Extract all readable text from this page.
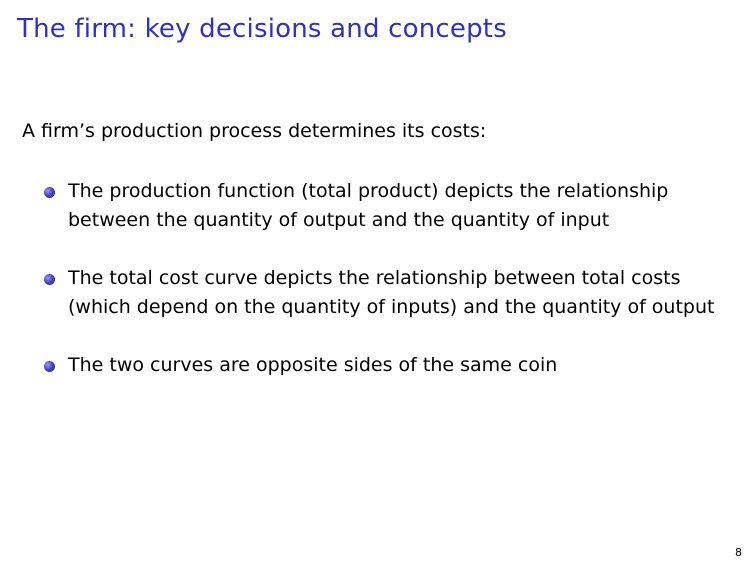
The firm: key decisions and concepts

A firm’s production process determines its costs:

The production function (total product) depicts the relationship between the quantity of output and the quantity of input
The total cost curve depicts the relationship between total costs (which depend on the quantity of inputs) and the quantity of output
The two curves are opposite sides of the same coin
8
